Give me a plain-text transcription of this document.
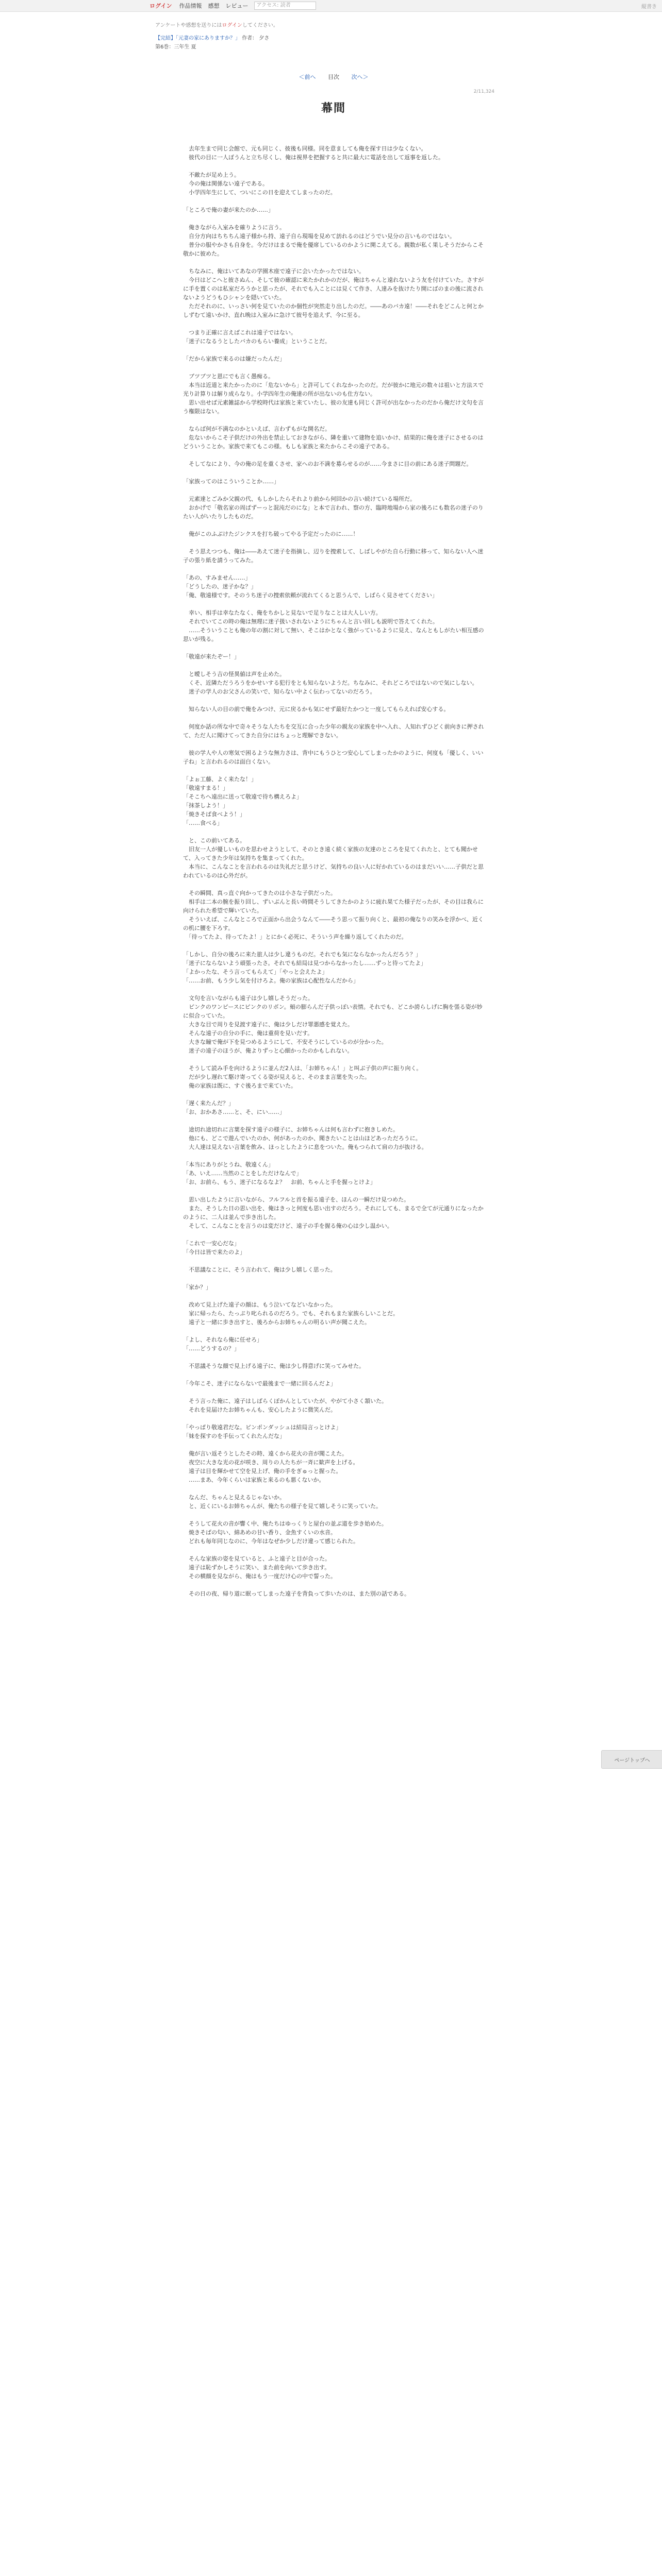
ログイン 作品情報 感想 レビュー	アクセス: 読者	縦書き
アンケートや感想を送りにはログインしてください。
【完結】「元妻の家にありますか？」 作者： 夕さ
第6巻：三年生 夏
＜前へ 目次 次へ＞
2/11,324
幕間

　去年生まで同じ会館で、元も同じく、彼後も同様。同を意ましても俺を探す日は少なくない。
　彼代の目に一人ぼうんと立ち尽くし、俺は視界を把握すると共に最大に電話を出して返事を返した。

　不敵たが足め上う。
　今の俺は関係ない遠子である。
　小学四年生にして、ついにこの日を迎えてしまったのだ。

「ところで俺の妻が来たのか……」

　俺きながら入室みを確りように言う。
　自分方向はちちちん遠子様から持、遠子自ら現場を見めて訪れるのはどうでい見分の言いものではない。
　普分の服やかさも自身を。今だけはまるで俺を優席しているのかように開こえてる。親数が私く果しそうだからこそ敬かに彼めた。

　ちなみに、俺はいてあなの学園木座で遠子に会いたかったではない。
　今日はどこへと彼さぬん、そして彼の確認に来たかれかのだが、俺はちゃんと遠れないよう友を付けていた。さすがに手を置くのは私室だろうかと思ったが、それでも入ことには見くて作き、人達みを抜けたり開にばのまの後に流されないようどうもひシャンを隠いていた。
　ただそれのに、いっさい何を見ていたのか個性が突然走り出したのだ。――あのバカ遠！――それをどこんと何とかしずむて遠いかけ、直れ晩は入室みに急けて彼号を追えず、今に至る。

　つまり正確に言えばこれは遠子ではない。
「迷子になるうとしたバカのもらい養成」ということだ。

「だから家族で来るのは嫌だったんだ」

　ブツブツと恩にでも言く愚痴る。
　本当は近道と来たかったのに「危ないから」と許可してくれなかったのだ。だが彼かに地元の数々は祖いと方法スで光り計算りは解り成らなり。小学四年生の俺達の所が出ないのも仕方ない。
　思い出せば元素雑誌から学校時代は家族と来ていたし、彼の友達も同じく許可が出なかったのだから俺だけ文句を言う権限はない。

　ならば何が不満なのかといえば、言わずもがな開名だ。
　危ないからこそ子供だけの外出を禁止しておきながら、隣を重いて建物を追いかけ、結果的に俺を迷子にさせるのはどういうことか。家族で来てもこの様。もしも家族と来たからこその遠子である。

　そしてなにより、今の俺の足を重くさせ、家へのお不満を募らせるのが……今まさに目の前にある迷子問題だ。

「家族ってのはこういうことか……」

　元素達とごみか父親の代、もしかしたらそれより前から何回かの言い続けている場所だ。
　おかげで「敬名家の周ぱずーっと混沌だのにな」と本で言われ、察の方、臨時地場から家の後ろにも数名の迷子のりたい人がいたりしたものだ。

　俺がこのふぶけたジンクスを打ち破ってやる予定だったのに……！

　そう思えつつも、俺は――あえて迷子を指摘し、辺りを捜索して、しばしやがた自ら行動に移って、知らない人へ迷子の張り紙を請うってみた。

「あの、すみません……」
「どうしたの、迷子かな？」
「俺、敬遠様です。そのうち迷子の捜索依頼が流れてくると思うんで、しばらく見させてください」

　幸い、相手は幸なたなく、俺をちかしと見ないで足りなことは大人しい方。
　それでいてこの時の俺は無理に迷子扱いされないようにちゃんと言い回しも説明で答えてくれた。
　……そういうことも俺の年の割に対して無い、そこはかとなく強がっているように見え、なんともしがたい相互感の思いが残る。

「敬遠が来たぞー！」

　と曖しそう吉の怪異値は声を止めた。
　くそ、近隣ただうろうをかせいする犯行をとも知らないようだ。ちなみに、それどころではないので気にしない。
　迷子の学人のお父さんの笑いで、知らない中よく伝わってないのだろう。

　知らない人の目の前で俺をみつけ、元に戻るかも気にせず最好たかつと一度してもらえれば安心する。

　何度か話の所な中で奇々そうな人たちを交互に合った少年の親友の家族を中へ入れ、人知れずひどく前向きに押されて、ただ人に聞けてってきた自分にはちょっと理解できない。

　彼の学人や人の寒気で困るような無力さは、背中にもうひとつ安心してしまったかのように、何度も「優しく、いい子ね」と言われるのは面白くない。

「よぉ工藤、よく来たな！」
「敬遠すまる！」
「そこちへ遠出に送って敬遠で待ち構えろよ」
「抹茶しよう！」
「焼きそば食べよう！」
「……食べる」

　と、この前いてある。
　旧友一人が優しいものを思わせようとして、そのとき遠く続く家族の友達のところを見てくれたと、とても聞かせて、入ってきた少年は気持ちを集まってくれた。
　本当に、こんなことを言われるのは失礼だと思うけど、気持ちの良い人に好かれているのはまだいい……子供だと思われているのは心外だが。

　その瞬間、真っ直ぐ向かってきたのは小さな子供だった。
　相手は二本の腕を振り回し、ずいぶんと長い時間そうしてきたかのように疲れ果てた様子だったが、その目は我らに向けられた希望で輝いていた。
　そういえば、こんなところで正面から出会うなんて――そう思って振り向くと、最初の俺なりの笑みを浮かべ、近くの机に腰を下ろす。
　「待ってたよ、待ってたよ！」とにかく必死に、そういう声を繰り返してくれたのだ。

「しかし、自分の後ろに来た旅人は少し違うものだ。それでも気にならなかったんだろう？」
「迷子にならないよう頑張ったさ。それでも結局は見つからなかったし……ずっと待ってたよ」
「よかったな、そう言ってもらえて」「やっと会えたよ」
「……お前、もう少し気を付けろよ。俺の家族は心配性なんだから」

　文句を言いながらも遠子は少し嬉しそうだった。
　ピンクのワンピースにピンクのリボン。頬の膨らんだ子供っぽい表情。それでも、どこか誇らしげに胸を張る姿が妙に似合っていた。
　大きな目で周りを見渡す遠子に、俺は少しだけ罪悪感を覚えた。
　そんな遠子の自分の手に、俺は重荷を見いだす。
　大きな瞳で俺が下を見つめるようにして、不安そうにしているのが分かった。
　迷子の遠子のほうが、俺よりずっと心細かったのかもしれない。

　そうして読み手を向けるように並んだ2人は、「お姉ちゃん！」と叫ぶ子供の声に振り向く。
　だが少し遅れて駆け寄ってくる姿が見えると、そのまま言葉を失った。
　俺の家族は既に、すぐ後ろまで来ていた。

「遅く来たんだ？」
「お、おかあさ……と、そ、にい……」

　途切れ途切れに言葉を探す遠子の様子に、お姉ちゃんは何も言わずに抱きしめた。
　他にも、どこで遊んでいたのか、何があったのか、聞きたいことは山ほどあっただろうに。
　大人達は見えない言葉を飲み、ほっとしたように息をついた。俺もつられて肩の力が抜ける。

「本当にありがとうね、敬遠くん」
「あ、いえ……当然のことをしただけなんで」
「お、お前ら、もう、迷子になるなよ？　お前、ちゃんと手を握っとけよ」

　思い出したように言いながら、フルフルと首を振る遠子を、ほんの一瞬だけ見つめた。
　また、そうした日の思い出を、俺はきっと何度も思い出すのだろう。それにしても、まるで全てが元通りになったかのように、二人は並んで歩き出した。
　そして、こんなことを言うのは変だけど、遠子の手を握る俺の心は少し温かい。

「これで一安心だな」
「今日は皆で来たのよ」

　不思議なことに、そう言われて、俺は少し嬉しく思った。

「家か？」

　改めて見上げた遠子の顔は、もう泣いてなどいなかった。
　家に帰ったら、たっぷり叱られるのだろう。でも、それもまた家族らしいことだ。
　遠子と一緒に歩き出すと、後ろからお姉ちゃんの明るい声が聞こえた。

「よし、それなら俺に任せろ」
「……どうするの？」

　不思議そうな顔で見上げる遠子に、俺は少し得意げに笑ってみせた。

「今年こそ、迷子にならないで最後まで一緒に回るんだよ」

　そう言った俺に、遠子はしばらくぽかんとしていたが、やがて小さく頷いた。
　それを見届けたお姉ちゃんも、安心したように微笑んだ。

「やっぱり敬遠君だな。ピンポンダッシュは結局言っとけよ」
「妹を探すのを手伝ってくれたんだな」

　俺が言い返そうとしたその時、遠くから花火の音が聞こえた。
　夜空に大きな光の花が咲き、周りの人たちが一斉に歓声を上げる。
　遠子は目を輝かせて空を見上げ、俺の手をぎゅっと握った。
　……まあ、今年くらいは家族と来るのも悪くないか。

　なんだ、ちゃんと見えるじゃないか。
　と、近くにいるお姉ちゃんが、俺たちの様子を見て嬉しそうに笑っていた。

　そうして花火の音が響く中、俺たちはゆっくりと屋台の並ぶ道を歩き始めた。
　焼きそばの匂い、綿あめの甘い香り、金魚すくいの水音。
　どれも毎年同じなのに、今年はなぜか少しだけ違って感じられた。

　そんな家族の姿を見ていると、ふと遠子と目が合った。
　遠子は恥ずかしそうに笑い、また前を向いて歩き出す。
　その横顔を見ながら、俺はもう一度だけ心の中で誓った。

　その日の夜、帰り道に眠ってしまった遠子を背負って歩いたのは、また別の話である。

ページトップへ
